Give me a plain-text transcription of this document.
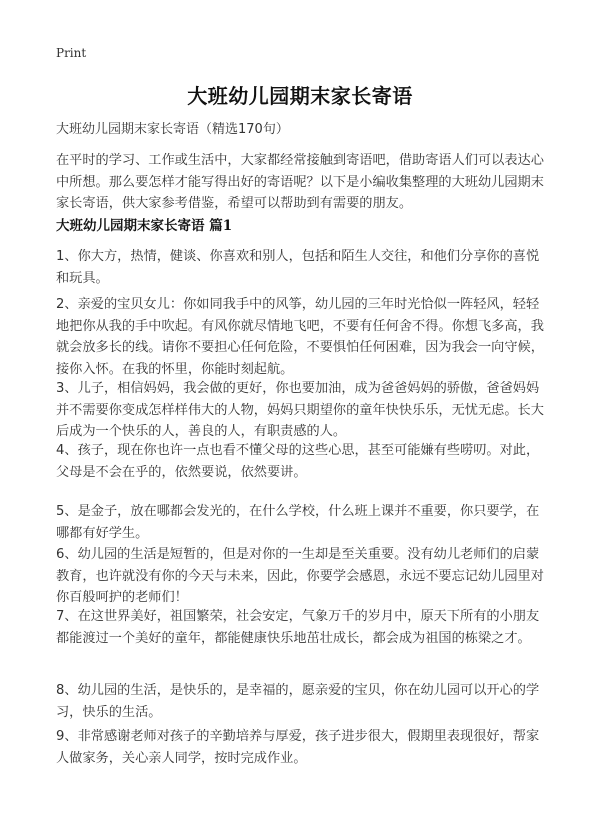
Print
大班幼儿园期末家长寄语
大班幼儿园期末家长寄语（精选170句）
在平时的学习、工作或生活中，大家都经常接触到寄语吧，借助寄语人们可以表达心中所想。那么要怎样才能写得出好的寄语呢？以下是小编收集整理的大班幼儿园期末家长寄语，供大家参考借鉴，希望可以帮助到有需要的朋友。
大班幼儿园期末家长寄语 篇1
1、你大方，热情，健谈、你喜欢和别人，包括和陌生人交往，和他们分享你的喜悦和玩具。
2、亲爱的宝贝女儿：你如同我手中的风筝，幼儿园的三年时光恰似一阵轻风，轻轻地把你从我的手中吹起。有风你就尽情地飞吧，不要有任何舍不得。你想飞多高，我就会放多长的线。请你不要担心任何危险，不要惧怕任何困难，因为我会一向守候，接你入怀。在我的怀里，你能时刻起航。
3、儿子，相信妈妈，我会做的更好，你也要加油，成为爸爸妈妈的骄傲，爸爸妈妈并不需要你变成怎样样伟大的人物，妈妈只期望你的童年快快乐乐，无忧无虑。长大后成为一个快乐的人，善良的人，有职责感的人。
4、孩子，现在你也许一点也看不懂父母的这些心思，甚至可能嫌有些唠叨。对此，父母是不会在乎的，依然要说，依然要讲。
5、是金子，放在哪都会发光的，在什么学校，什么班上课并不重要，你只要学，在哪都有好学生。
6、幼儿园的生活是短暂的，但是对你的一生却是至关重要。没有幼儿老师们的启蒙教育，也许就没有你的今天与未来，因此，你要学会感恩，永远不要忘记幼儿园里对你百般呵护的老师们！
7、在这世界美好，祖国繁荣，社会安定，气象万千的岁月中，原天下所有的小朋友都能渡过一个美好的童年，都能健康快乐地茁壮成长，都会成为祖国的栋梁之才。
8、幼儿园的生活，是快乐的，是幸福的，愿亲爱的宝贝，你在幼儿园可以开心的学习，快乐的生活。
9、非常感谢老师对孩子的辛勤培养与厚爱，孩子进步很大，假期里表现很好，帮家人做家务，关心亲人同学，按时完成作业。
